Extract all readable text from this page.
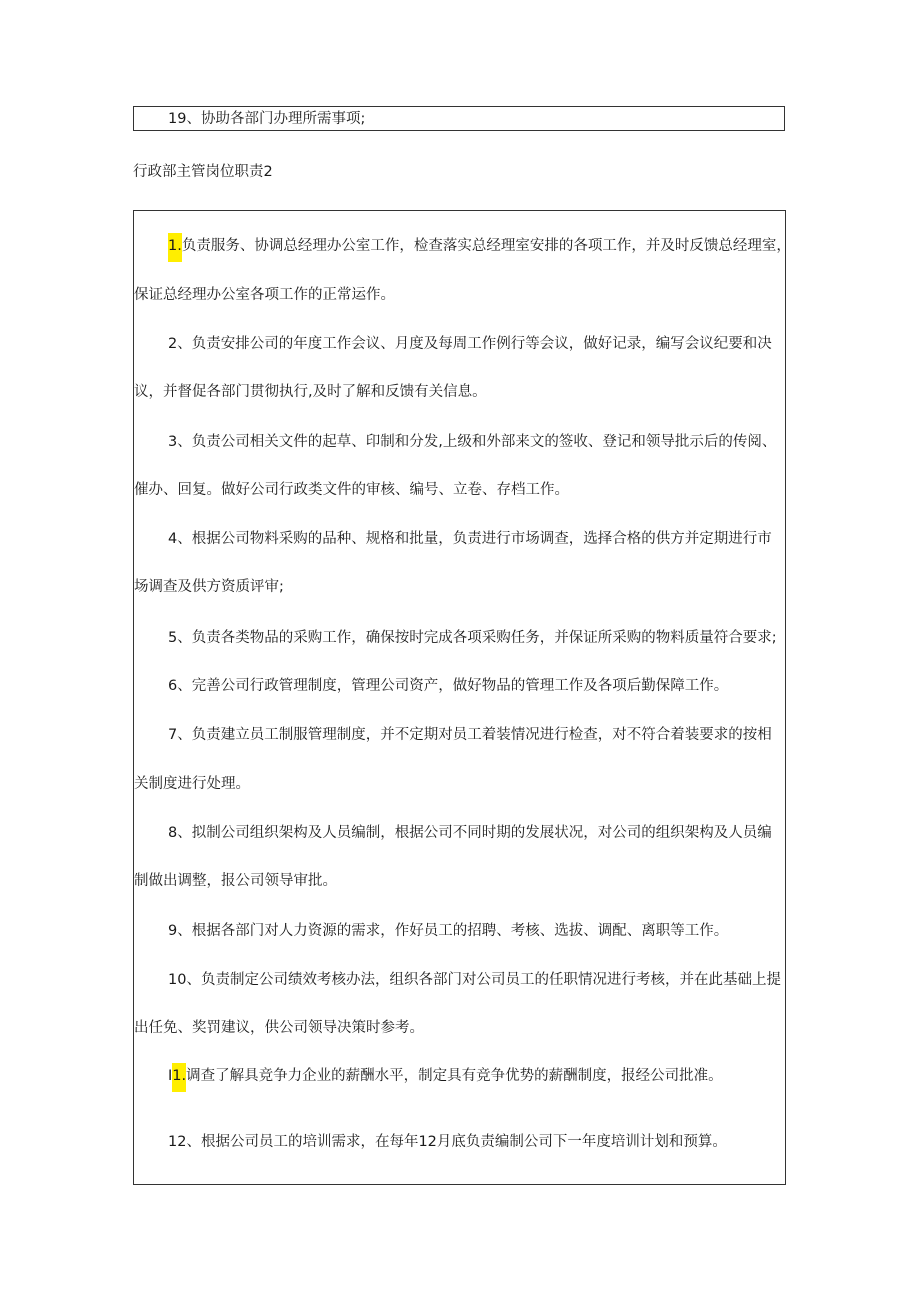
19、协助各部门办理所需事项;
行政部主管岗位职责2
1.负责服务、协调总经理办公室工作，检查落实总经理室安排的各项工作，并及时反馈总经理室，
保证总经理办公室各项工作的正常运作。
2、负责安排公司的年度工作会议、月度及每周工作例行等会议，做好记录，编写会议纪要和决
议，并督促各部门贯彻执行,及时了解和反馈有关信息。
3、负责公司相关文件的起草、印制和分发,上级和外部来文的签收、登记和领导批示后的传阅、
催办、回复。做好公司行政类文件的审核、编号、立卷、存档工作。
4、根据公司物料采购的品种、规格和批量，负责进行市场调查，选择合格的供方并定期进行市
场调查及供方资质评审;
5、负责各类物品的采购工作，确保按时完成各项采购任务，并保证所采购的物料质量符合要求;
6、完善公司行政管理制度，管理公司资产，做好物品的管理工作及各项后勤保障工作。
7、负责建立员工制服管理制度，并不定期对员工着装情况进行检查，对不符合着装要求的按相
关制度进行处理。
8、拟制公司组织架构及人员编制，根据公司不同时期的发展状况，对公司的组织架构及人员编
制做出调整，报公司领导审批。
9、根据各部门对人力资源的需求，作好员工的招聘、考核、选拔、调配、离职等工作。
10、负责制定公司绩效考核办法，组织各部门对公司员工的任职情况进行考核，并在此基础上提
出任免、奖罚建议，供公司领导决策时参考。
I1.调查了解具竞争力企业的薪酬水平，制定具有竞争优势的薪酬制度，报经公司批准。
12、根据公司员工的培训需求，在每年12月底负责编制公司下一年度培训计划和预算。
